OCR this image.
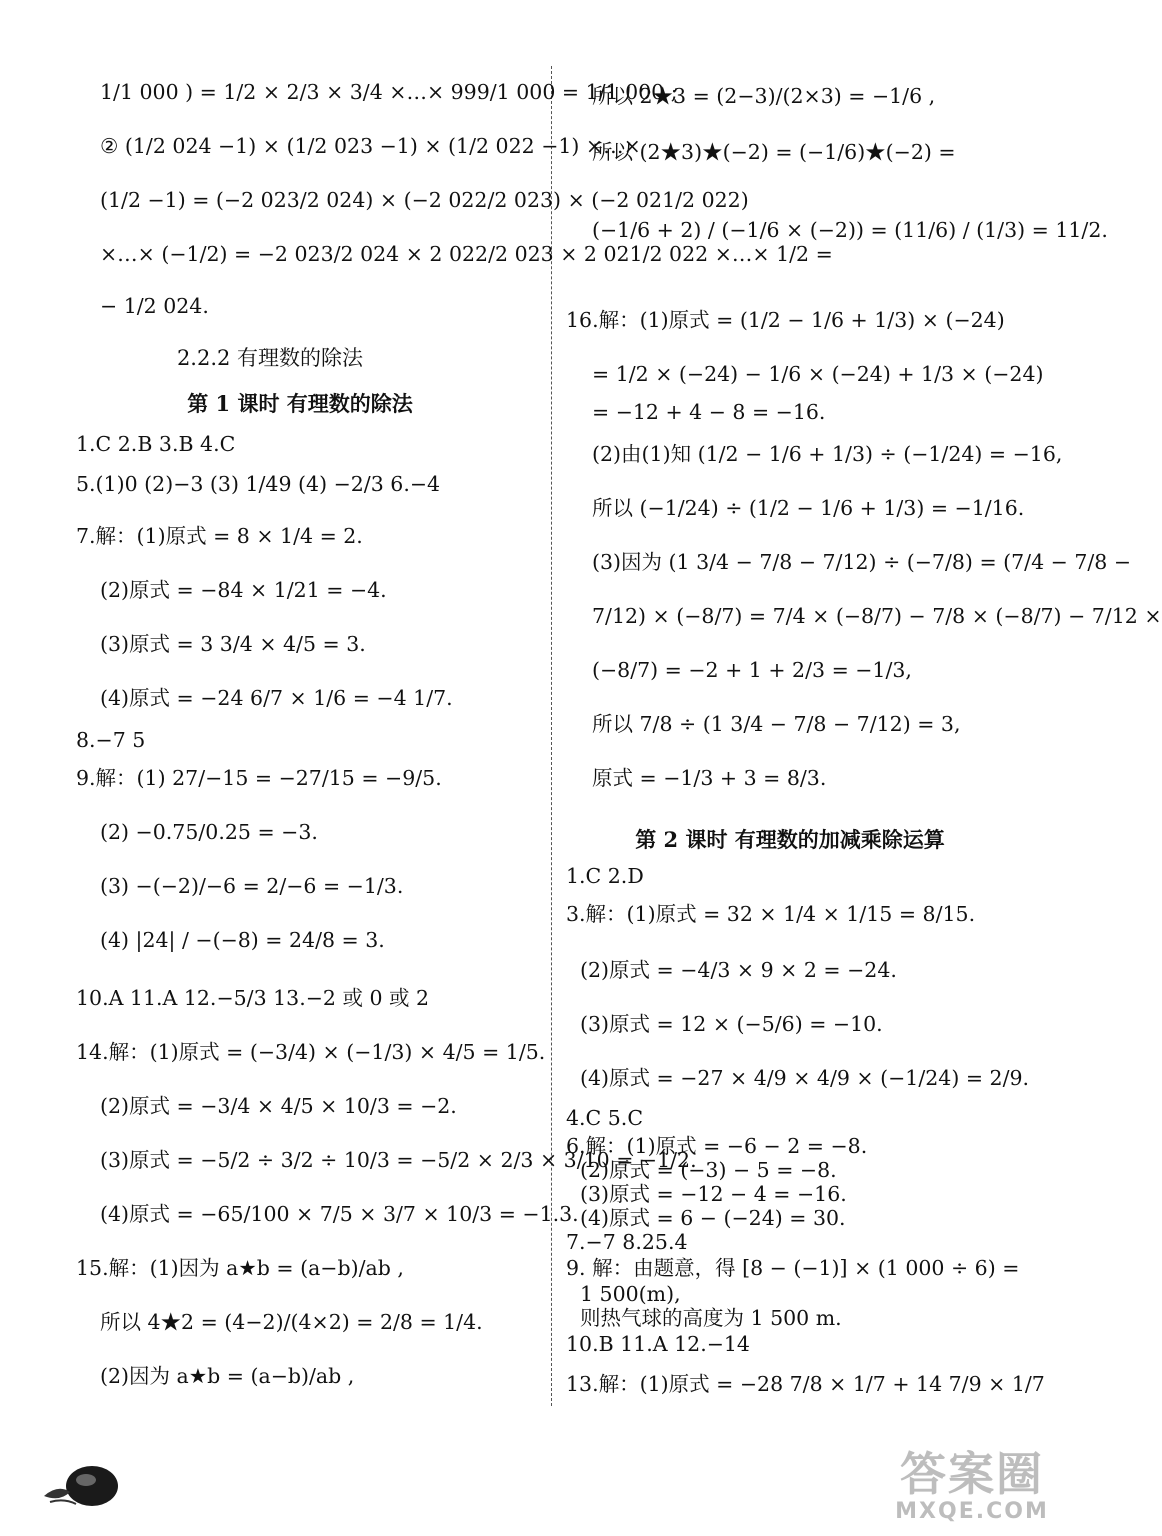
1/1 000 ) = 1/2 × 2/3 × 3/4 ×…× 999/1 000 = 1/1 000 ;
② (1/2 024 −1) × (1/2 023 −1) × (1/2 022 −1) ×…×
(1/2 −1) = (−2 023/2 024) × (−2 022/2 023) × (−2 021/2 022)
×…× (−1/2) = −2 023/2 024 × 2 022/2 023 × 2 021/2 022 ×…× 1/2 =
− 1/2 024.
2.2.2 有理数的除法
第 1 课时 有理数的除法
1.C 2.B 3.B 4.C
5.(1)0 (2)−3 (3) 1/49 (4) −2/3 6.−4
7.解：(1)原式 = 8 × 1/4 = 2.
(2)原式 = −84 × 1/21 = −4.
(3)原式 = 3 3/4 × 4/5 = 3.
(4)原式 = −24 6/7 × 1/6 = −4 1/7.
8.−7 5
9.解：(1) 27/−15 = −27/15 = −9/5.
(2) −0.75/0.25 = −3.
(3) −(−2)/−6 = 2/−6 = −1/3.
(4) |24| / −(−8) = 24/8 = 3.
10.A 11.A 12.−5/3 13.−2 或 0 或 2
14.解：(1)原式 = (−3/4) × (−1/3) × 4/5 = 1/5.
(2)原式 = −3/4 × 4/5 × 10/3 = −2.
(3)原式 = −5/2 ÷ 3/2 ÷ 10/3 = −5/2 × 2/3 × 3/10 = −1/2.
(4)原式 = −65/100 × 7/5 × 3/7 × 10/3 = −1.3.
15.解：(1)因为 a★b = (a−b)/ab ,
所以 4★2 = (4−2)/(4×2) = 2/8 = 1/4.
(2)因为 a★b = (a−b)/ab ,
所以 2★3 = (2−3)/(2×3) = −1/6 ,
所以 (2★3)★(−2) = (−1/6)★(−2) =
(−1/6 + 2) / (−1/6 × (−2)) = (11/6) / (1/3) = 11/2.
16.解：(1)原式 = (1/2 − 1/6 + 1/3) × (−24)
= 1/2 × (−24) − 1/6 × (−24) + 1/3 × (−24)
= −12 + 4 − 8 = −16.
(2)由(1)知 (1/2 − 1/6 + 1/3) ÷ (−1/24) = −16,
所以 (−1/24) ÷ (1/2 − 1/6 + 1/3) = −1/16.
(3)因为 (1 3/4 − 7/8 − 7/12) ÷ (−7/8) = (7/4 − 7/8 −
7/12) × (−8/7) = 7/4 × (−8/7) − 7/8 × (−8/7) − 7/12 ×
(−8/7) = −2 + 1 + 2/3 = −1/3,
所以 7/8 ÷ (1 3/4 − 7/8 − 7/12) = 3,
原式 = −1/3 + 3 = 8/3.
第 2 课时 有理数的加减乘除运算
1.C 2.D
3.解：(1)原式 = 32 × 1/4 × 1/15 = 8/15.
(2)原式 = −4/3 × 9 × 2 = −24.
(3)原式 = 12 × (−5/6) = −10.
(4)原式 = −27 × 4/9 × 4/9 × (−1/24) = 2/9.
4.C 5.C
6.解：(1)原式 = −6 − 2 = −8.
(2)原式 = (−3) − 5 = −8.
(3)原式 = −12 − 4 = −16.
(4)原式 = 6 − (−24) = 30.
7.−7 8.25.4
9. 解：由题意，得 [8 − (−1)] × (1 000 ÷ 6) =
1 500(m),
则热气球的高度为 1 500 m.
10.B 11.A 12.−14
13.解：(1)原式 = −28 7/8 × 1/7 + 14 7/9 × 1/7
答案圈
MXQE.COM
